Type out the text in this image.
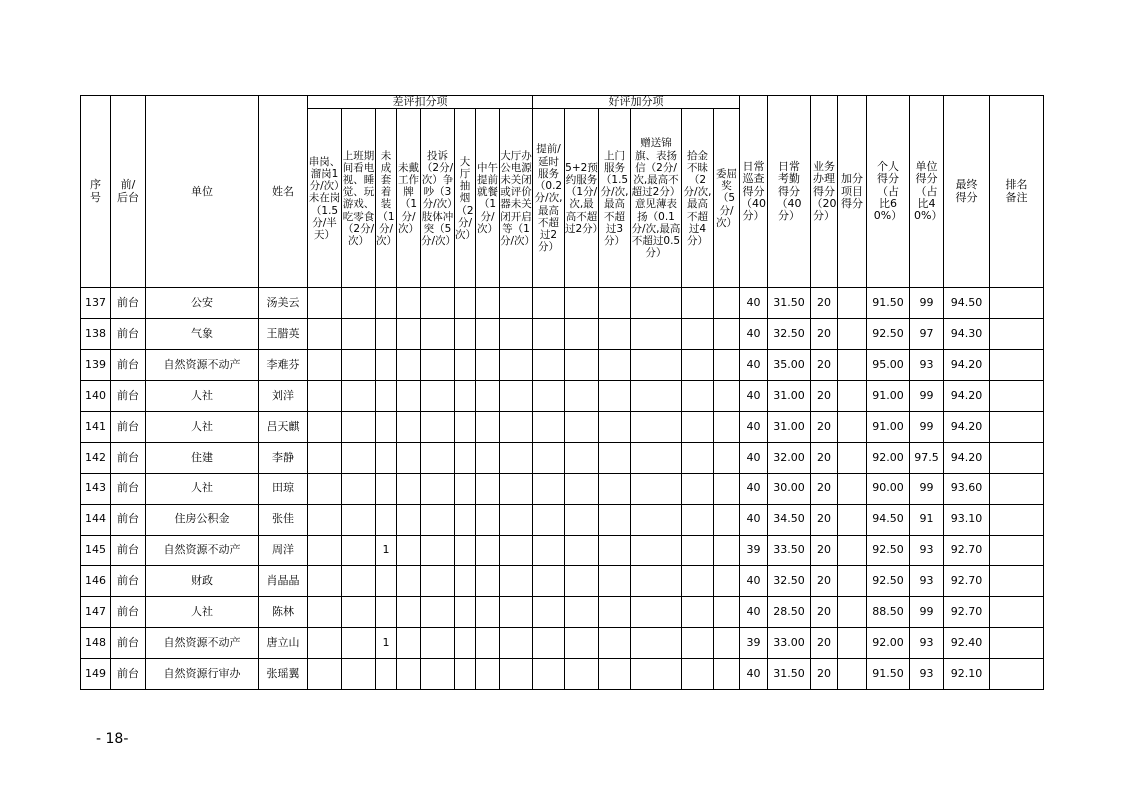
序号	前/后台	单位	姓名	差评扣分项								好评加分项						日常巡查得分（40分）	日常考勤得分（40分）	业务办理得分（20分）	加分项目得分	个人得分（占比60%）	单位得分（占比40%）	最终得分	排名备注
				串岗、溜岗1分/次）未在岗（1.5分/半天）	上班期间看电视、睡觉、玩游戏、吃零食（2分/次）	未成套着装（1分/次）	未戴工作牌（1分/次）	投诉（2分/次）争吵（3分/次）肢体冲突（5分/次）	大厅抽烟（2分/次）	中午提前就餐（1分/次）	大厅办公电源未关闭或评价器未关闭开启等（1分/次）	提前/延时服务（0.2分/次,最高不超过2分）	5+2预约服务（1分/次,最高不超过2分）	上门服务（1.5分/次,最高不超过3分）	赠送锦旗、表扬信（2分/次,最高不超过2分）意见薄表扬（0.1分/次,最高不超过0.5分）	拾金不昧（2分/次,最高不超过4分）	委屈奖（5分/次）								
137	前台	公安	汤美云															40	31.50	20		91.50	99	94.50	
138	前台	气象	王腊英															40	32.50	20		92.50	97	94.30	
139	前台	自然资源不动产	李难芬															40	35.00	20		95.00	93	94.20	
140	前台	人社	刘洋															40	31.00	20		91.00	99	94.20	
141	前台	人社	吕天麒															40	31.00	20		91.00	99	94.20	
142	前台	住建	李静															40	32.00	20		92.00	97.5	94.20	
143	前台	人社	田琼															40	30.00	20		90.00	99	93.60	
144	前台	住房公积金	张佳															40	34.50	20		94.50	91	93.10	
145	前台	自然资源不动产	周洋			1												39	33.50	20		92.50	93	92.70	
146	前台	财政	肖晶晶															40	32.50	20		92.50	93	92.70	
147	前台	人社	陈林															40	28.50	20		88.50	99	92.70	
148	前台	自然资源不动产	唐立山			1												39	33.00	20		92.00	93	92.40	
149	前台	自然资源行审办	张瑶翼															40	31.50	20		91.50	93	92.10	
- 18-
